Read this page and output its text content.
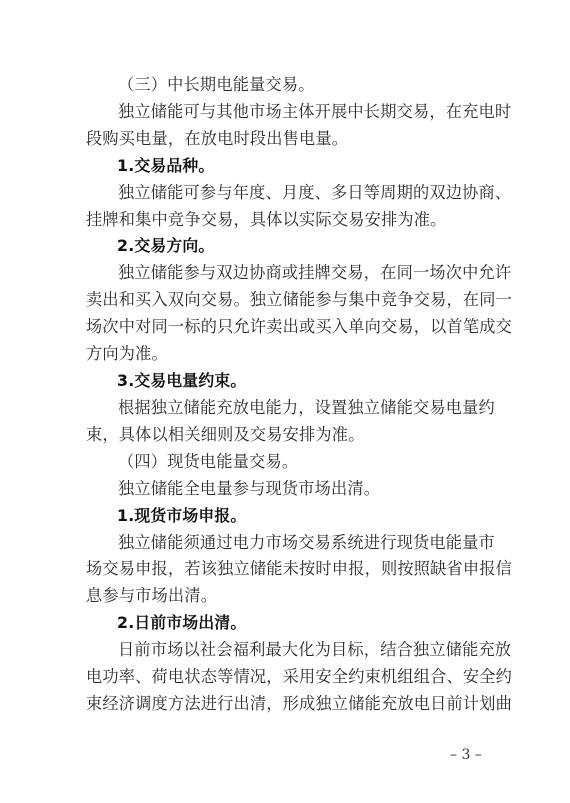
（三）中长期电能量交易。
独立储能可与其他市场主体开展中长期交易，在充电时
段购买电量，在放电时段出售电量。
1.交易品种。
独立储能可参与年度、月度、多日等周期的双边协商、
挂牌和集中竞争交易，具体以实际交易安排为准。
2.交易方向。
独立储能参与双边协商或挂牌交易，在同一场次中允许
卖出和买入双向交易。独立储能参与集中竞争交易，在同一
场次中对同一标的只允许卖出或买入单向交易，以首笔成交
方向为准。
3.交易电量约束。
根据独立储能充放电能力，设置独立储能交易电量约
束，具体以相关细则及交易安排为准。
（四）现货电能量交易。
独立储能全电量参与现货市场出清。
1.现货市场申报。
独立储能须通过电力市场交易系统进行现货电能量市
场交易申报，若该独立储能未按时申报，则按照缺省申报信
息参与市场出清。
2.日前市场出清。
日前市场以社会福利最大化为目标，结合独立储能充放
电功率、荷电状态等情况，采用安全约束机组组合、安全约
束经济调度方法进行出清，形成独立储能充放电日前计划曲
– 3 –
